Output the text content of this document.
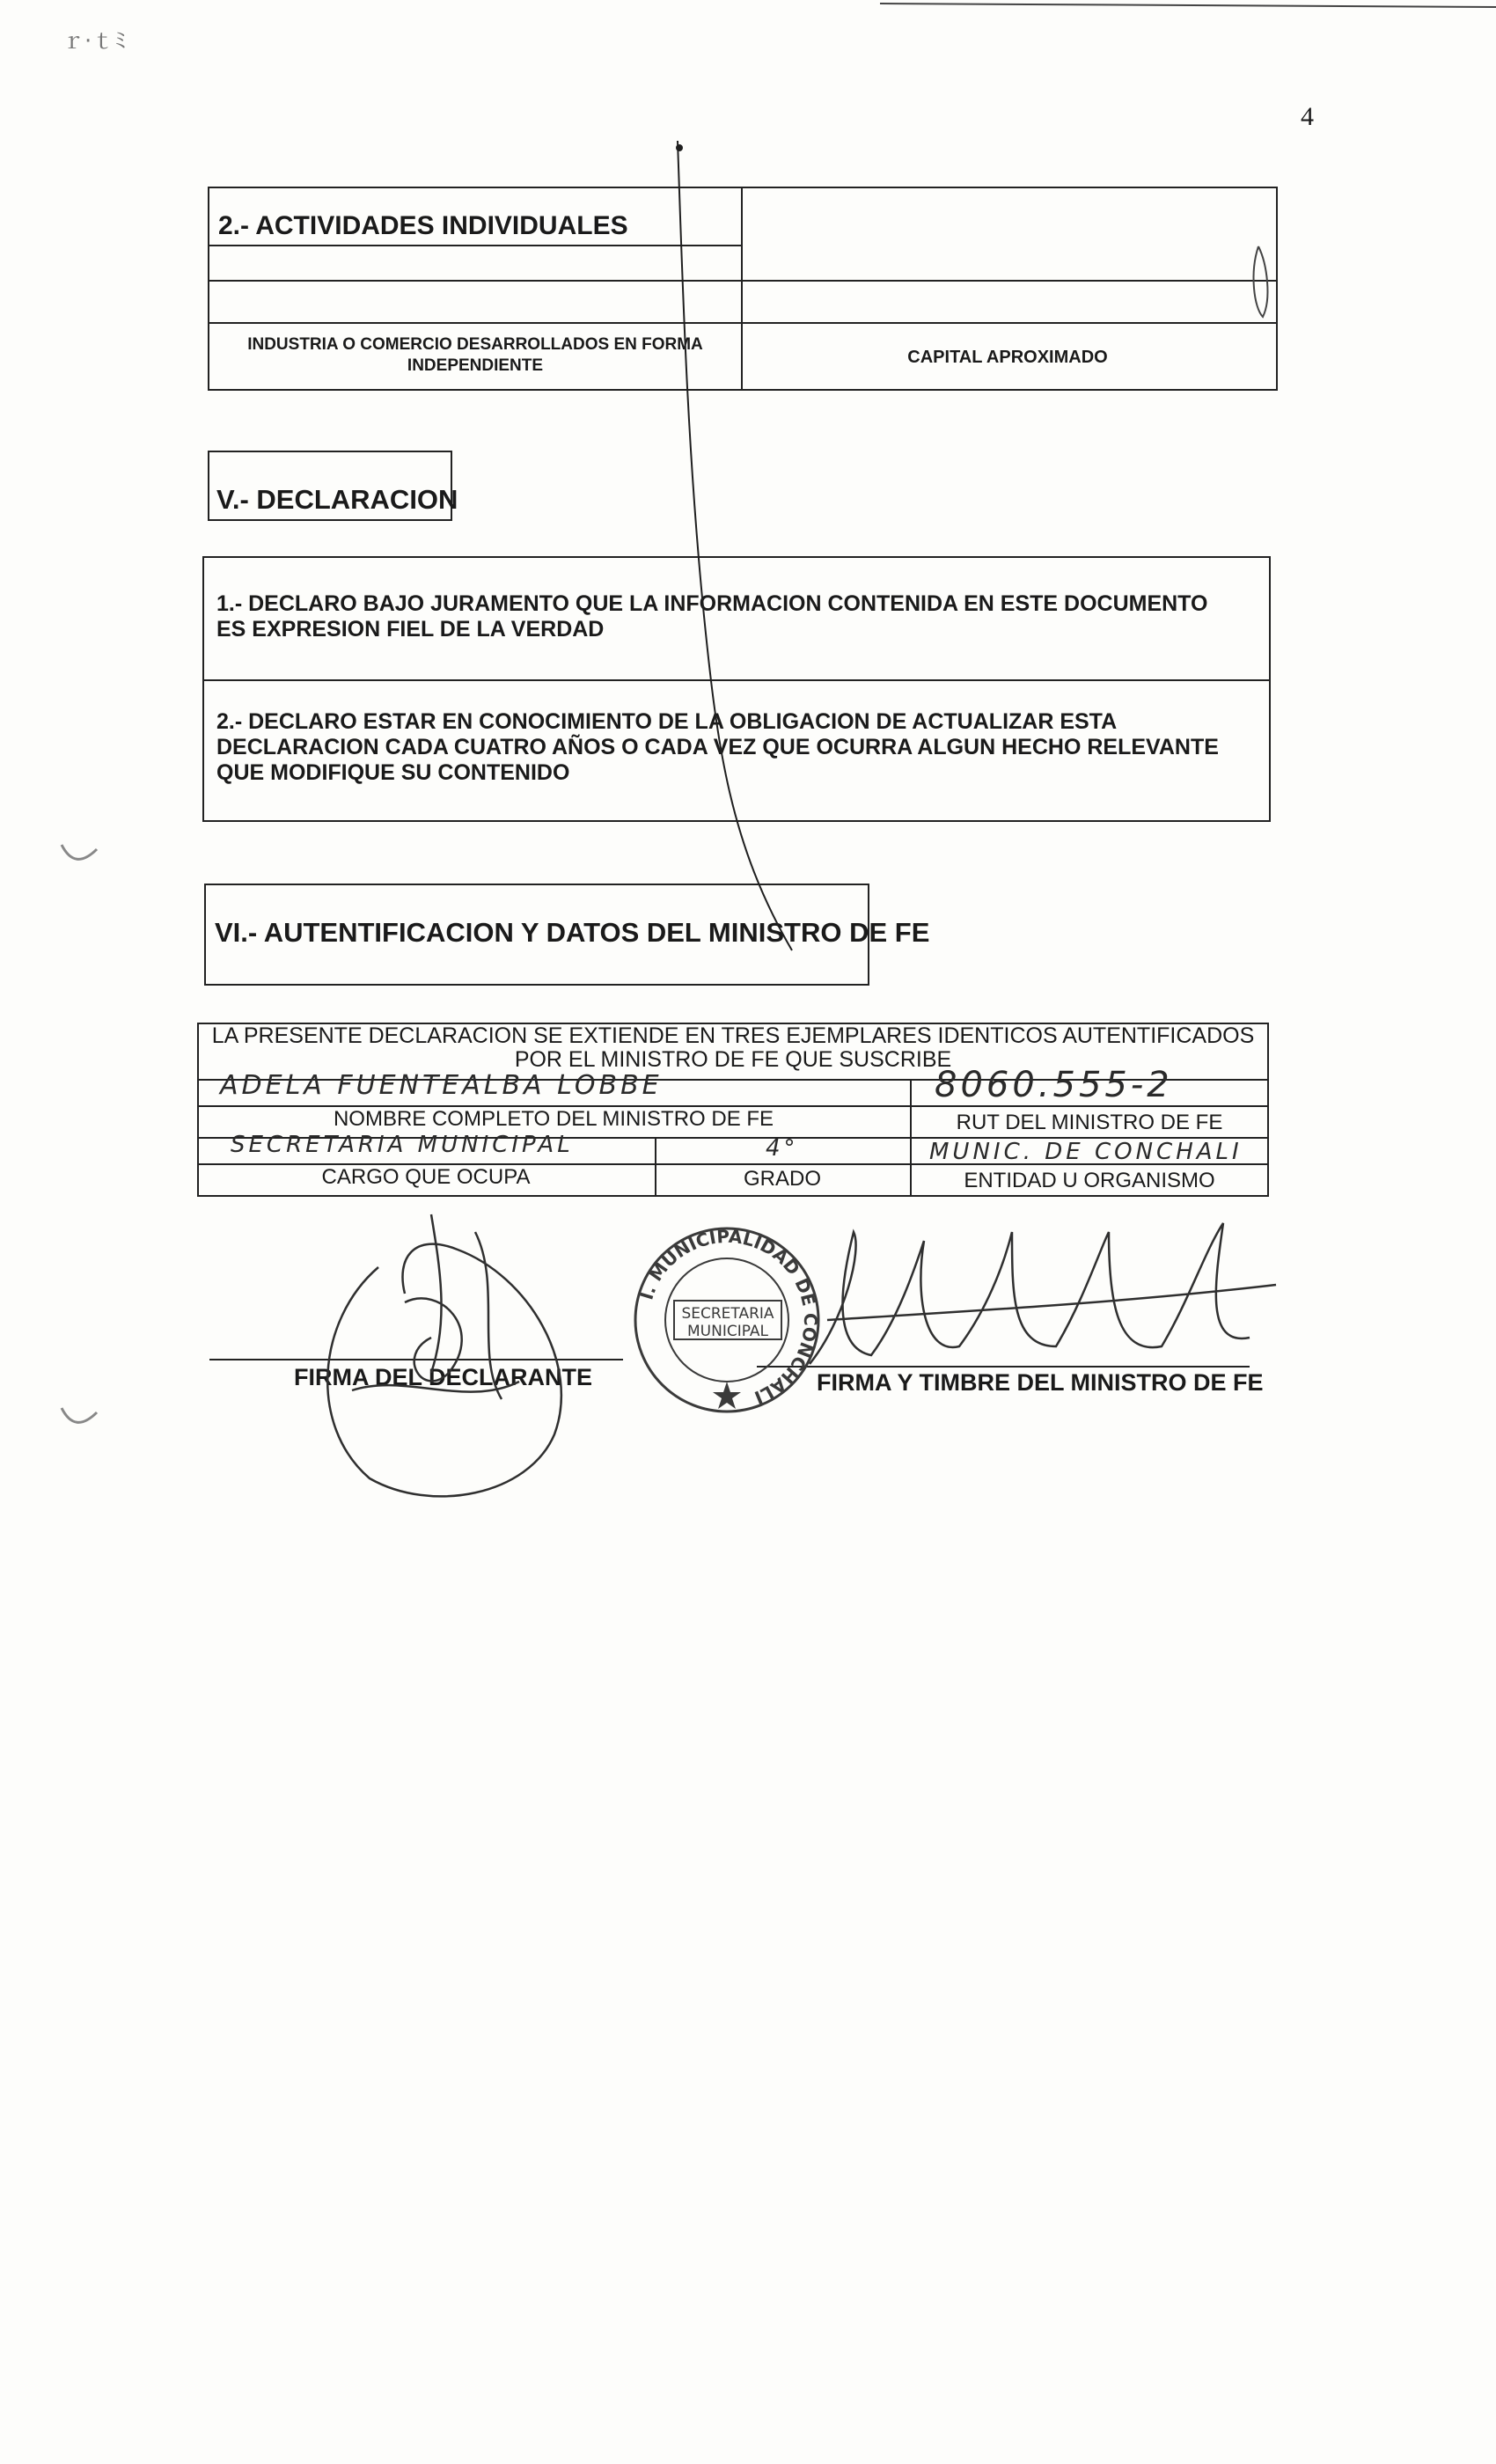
ｒ·ｔﾐ
4
2.- ACTIVIDADES INDIVIDUALES
INDUSTRIA O COMERCIO DESARROLLADOS EN FORMA INDEPENDIENTE	CAPITAL APROXIMADO
V.- DECLARACION
1.- DECLARO BAJO JURAMENTO QUE LA INFORMACION CONTENIDA EN ESTE DOCUMENTO ES EXPRESION FIEL DE LA VERDAD
2.- DECLARO ESTAR EN CONOCIMIENTO DE LA OBLIGACION DE ACTUALIZAR ESTA DECLARACION CADA CUATRO AÑOS O CADA VEZ QUE OCURRA ALGUN HECHO RELEVANTE QUE MODIFIQUE SU CONTENIDO
VI.- AUTENTIFICACION Y DATOS DEL MINISTRO DE FE
LA PRESENTE DECLARACION SE EXTIENDE EN TRES EJEMPLARES IDENTICOS AUTENTIFICADOS POR EL MINISTRO DE FE QUE SUSCRIBE
ADELA FUENTEALBA LOBBE
NOMBRE COMPLETO DEL MINISTRO DE FE
8060.555-2
RUT DEL MINISTRO DE FE
SECRETARIA MUNICIPAL
CARGO QUE OCUPA
4°
GRADO
MUNIC. DE CONCHALI
ENTIDAD U ORGANISMO
FIRMA DEL DECLARANTE	FIRMA Y TIMBRE DEL MINISTRO DE FE
I. MUNICIPALIDAD DE CONCHALI
SECRETARIA
MUNICIPAL
